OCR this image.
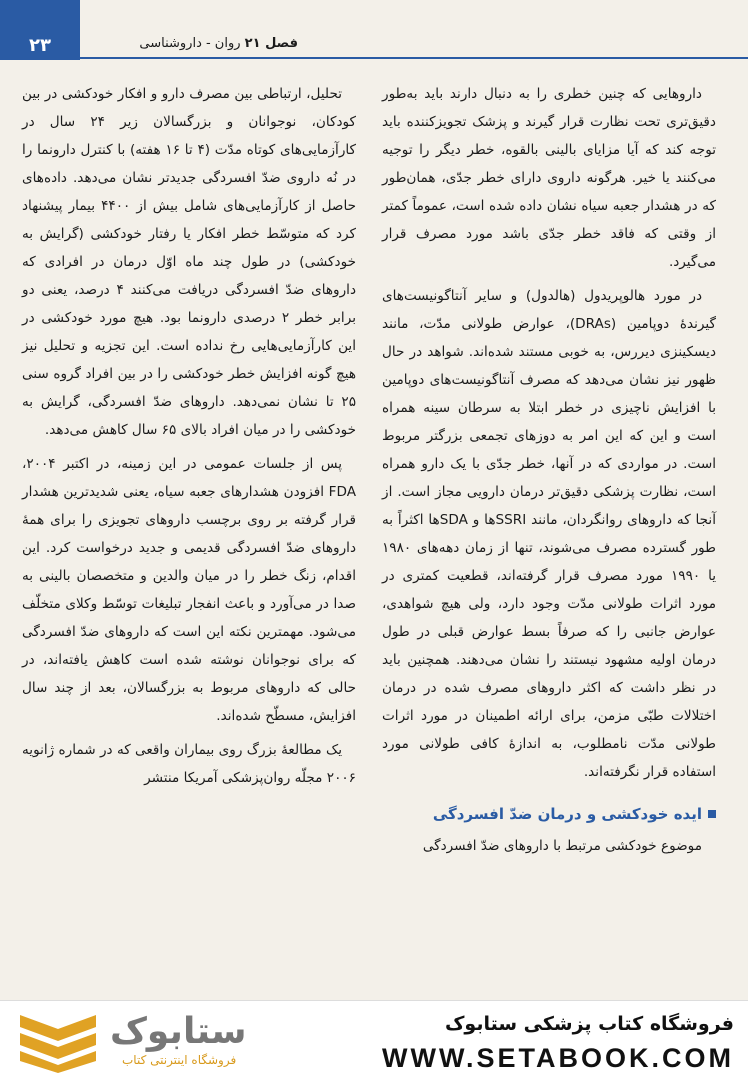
۲۳	فصل ۲۱ روان - داروشناسی

داروهایی که چنین خطری را به دنبال دارند باید به‌طور دقیق‌تری تحت نظارت قرار گیرند و پزشک تجویزکننده باید توجه کند که آیا مزایای بالینی بالقوه، خطر دیگر را توجیه می‌کنند یا خیر. هرگونه داروی دارای خطر جدّی، همان‌طور که در هشدار جعبه سیاه نشان داده شده است، عموماً کمتر از وقتی که فاقد خطر جدّی باشد مورد مصرف قرار می‌گیرد.

در مورد هالوپریدول (هالدول) و سایر آنتاگونیست‌های گیرندهٔ دوپامین (DRAs)، عوارض طولانی مدّت، مانند دیسکینزی دیررس، به خوبی مستند شده‌اند. شواهد در حال ظهور نیز نشان می‌دهد که مصرف آنتاگونیست‌های دوپامین با افزایش ناچیزی در خطر ابتلا به سرطان سینه همراه است و این که این امر به دوزهای تجمعی بزرگتر مربوط است. در مواردی که در آنها، خطر جدّی با یک دارو همراه است، نظارت پزشکی دقیق‌تر درمان دارویی مجاز است. از آنجا که داروهای روانگردان، مانند SSRIها و SDAها اکثراً به طور گسترده مصرف می‌شوند، تنها از زمان دهه‌های ۱۹۸۰ یا ۱۹۹۰ مورد مصرف قرار گرفته‌اند، قطعیت کمتری در مورد اثرات طولانی مدّت وجود دارد، ولی هیچ شواهدی، عوارض جانبی را که صرفاً بسط عوارض قبلی در طول درمان اولیه مشهود نیستند را نشان می‌دهند. همچنین باید در نظر داشت که اکثر داروهای مصرف شده در درمان اختلالات طبّی مزمن، برای ارائه اطمینان در مورد اثرات طولانی مدّت نامطلوب، به اندازهٔ کافی طولانی مورد استفاده قرار نگرفته‌اند.

ایده خودکشی و درمان ضدّ افسردگی

موضوع خودکشی مرتبط با داروهای ضدّ افسردگی

تحلیل، ارتباطی بین مصرف دارو و افکار خودکشی در بین کودکان، نوجوانان و بزرگسالان زیر ۲۴ سال در کارآزمایی‌های کوتاه مدّت (۴ تا ۱۶ هفته) با کنترل دارونما را در نُه داروی ضدّ افسردگی جدیدتر نشان می‌دهد. داده‌های حاصل از کارآزمایی‌های شامل بیش از ۴۴۰۰ بیمار پیشنهاد کرد که متوسّط خطر افکار یا رفتار خودکشی (گرایش به خودکشی) در طول چند ماه اوّل درمان در افرادی که داروهای ضدّ افسردگی دریافت می‌کنند ۴ درصد، یعنی دو برابر خطر ۲ درصدی دارونما بود. هیچ مورد خودکشی در این کارآزمایی‌هایی رخ نداده است. این تجزیه و تحلیل نیز هیچ گونه افزایش خطر خودکشی را در بین افراد گروه سنی ۲۵ تا نشان نمی‌دهد. داروهای ضدّ افسردگی، گرایش به خودکشی را در میان افراد بالای ۶۵ سال کاهش می‌دهد.

پس از جلسات عمومی در این زمینه، در اکتبر ۲۰۰۴، FDA افزودن هشدارهای جعبه سیاه، یعنی شدیدترین هشدار قرار گرفته بر روی برچسب داروهای تجویزی را برای همهٔ داروهای ضدّ افسردگی قدیمی و جدید درخواست کرد. این اقدام، زنگ خطر را در میان والدین و متخصصان بالینی به صدا در می‌آورد و باعث انفجار تبلیغات توسّط وکلای متخلّف می‌شود. مهمترین نکته این است که داروهای ضدّ افسردگی که برای نوجوانان نوشته شده است کاهش یافته‌اند، در حالی که داروهای مربوط به بزرگسالان، بعد از چند سال افزایش، مسطّح شده‌اند.

یک مطالعهٔ بزرگ روی بیماران واقعی که در شماره ژانویه ۲۰۰۶ مجلّه روان‌پزشکی آمریکا منتشر

ستابوک
فروشگاه اینترنتی کتاب
فروشگاه کتاب پزشکی ستابوک
WWW.SETABOOK.COM
